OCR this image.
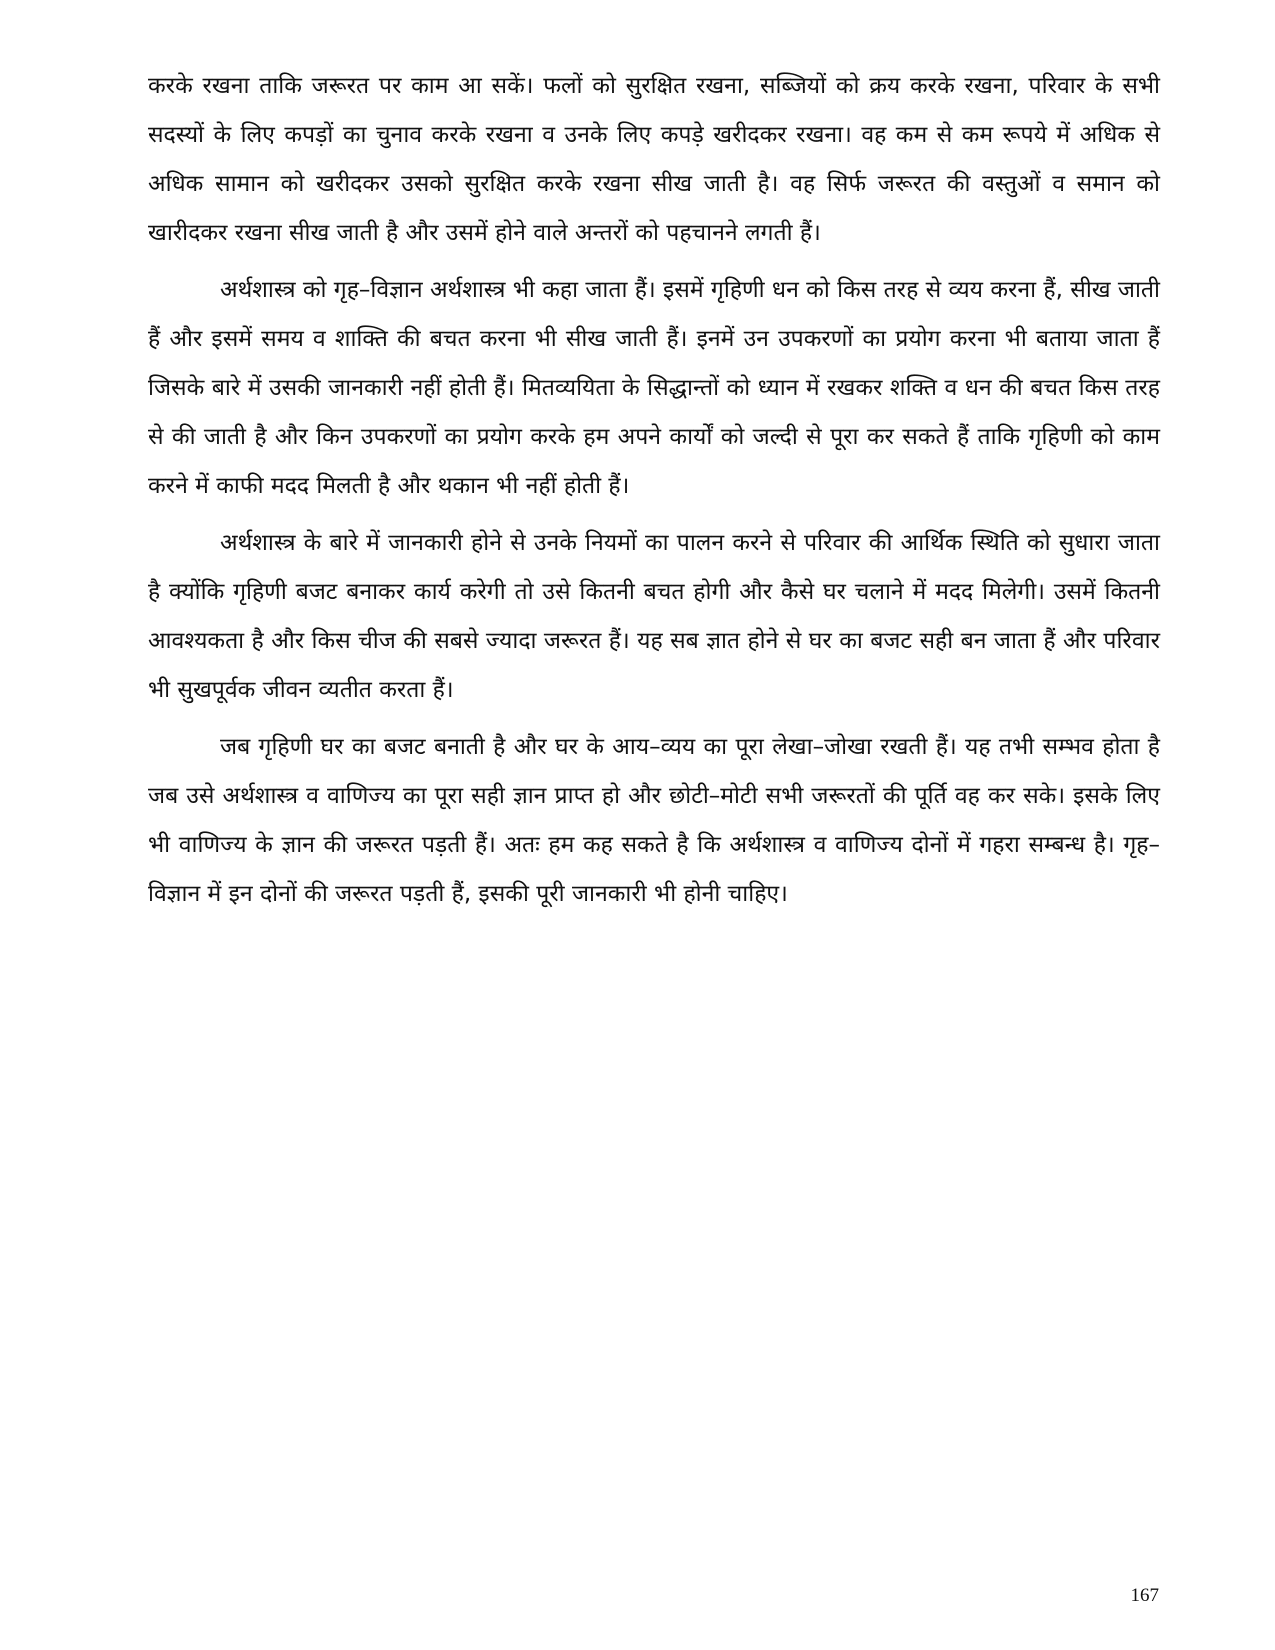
करके रखना ताकि जरूरत पर काम आ सकें। फलों को सुरक्षित रखना, सब्जियों को क्रय करके रखना, परिवार के सभी सदस्यों के लिए कपड़ों का चुनाव करके रखना व उनके लिए कपड़े खरीदकर रखना। वह कम से कम रूपये में अधिक से अधिक सामान को खरीदकर उसको सुरक्षित करके रखना सीख जाती है। वह सिर्फ जरूरत की वस्तुओं व समान को खारीदकर रखना सीख जाती है और उसमें होने वाले अन्तरों को पहचानने लगती हैं।

अर्थशास्त्र को गृह–विज्ञान अर्थशास्त्र भी कहा जाता हैं। इसमें गृहिणी धन को किस तरह से व्यय करना हैं, सीख जाती हैं और इसमें समय व शाक्ति की बचत करना भी सीख जाती हैं। इनमें उन उपकरणों का प्रयोग करना भी बताया जाता हैं जिसके बारे में उसकी जानकारी नहीं होती हैं। मितव्ययिता के सिद्धान्तों को ध्यान में रखकर शक्ति व धन की बचत किस तरह से की जाती है और किन उपकरणों का प्रयोग करके हम अपने कार्यों को जल्दी से पूरा कर सकते हैं ताकि गृहिणी को काम करने में काफी मदद मिलती है और थकान भी नहीं होती हैं।

अर्थशास्त्र के बारे में जानकारी होने से उनके नियमों का पालन करने से परिवार की आर्थिक स्थिति को सुधारा जाता है क्योंकि गृहिणी बजट बनाकर कार्य करेगी तो उसे कितनी बचत होगी और कैसे घर चलाने में मदद मिलेगी। उसमें कितनी आवश्यकता है और किस चीज की सबसे ज्यादा जरूरत हैं। यह सब ज्ञात होने से घर का बजट सही बन जाता हैं और परिवार भी सुखपूर्वक जीवन व्यतीत करता हैं।

जब गृहिणी घर का बजट बनाती है और घर के आय–व्यय का पूरा लेखा–जोखा रखती हैं। यह तभी सम्भव होता है जब उसे अर्थशास्त्र व वाणिज्य का पूरा सही ज्ञान प्राप्त हो और छोटी–मोटी सभी जरूरतों की पूर्ति वह कर सके। इसके लिए भी वाणिज्य के ज्ञान की जरूरत पड़ती हैं। अतः हम कह सकते है कि अर्थशास्त्र व वाणिज्य दोनों में गहरा सम्बन्ध है। गृह–विज्ञान में इन दोनों की जरूरत पड़ती हैं, इसकी पूरी जानकारी भी होनी चाहिए।

167
